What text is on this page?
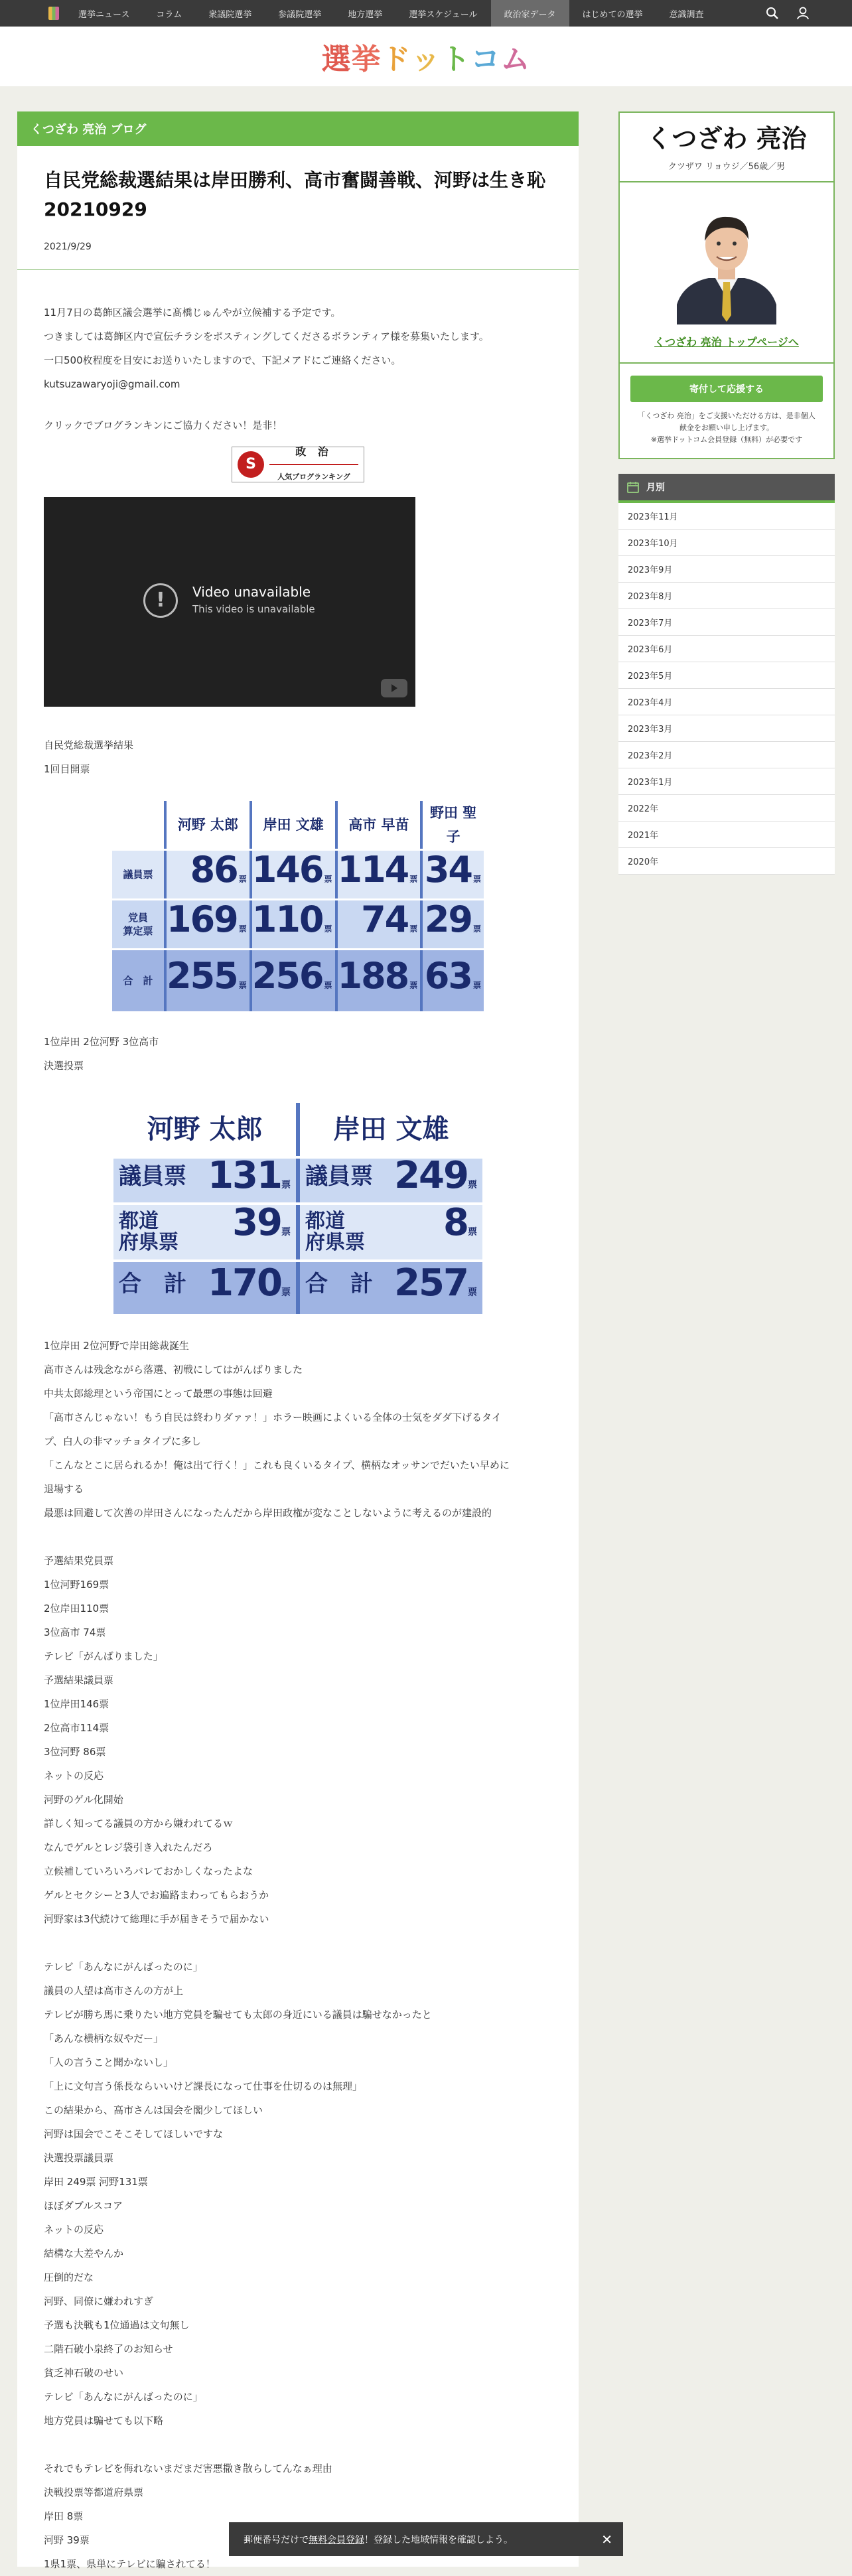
選挙ニュース	コラム	衆議院選挙	参議院選挙	地方選挙	選挙スケジュール	政治家データ	はじめての選挙	意識調査
選 挙 ド ッ ト コ ム
くつざわ 亮治 ブログ
自民党総裁選結果は岸田勝利、高市奮闘善戦、河野は生き恥20210929
2021/9/29

11月7日の葛飾区議会選挙に髙橋じゅんやが立候補する予定です。

つきましては葛飾区内で宣伝チラシをポスティングしてくださるボランティア様を募集いたします。

一口500枚程度を目安にお送りいたしますので、下記メアドにご連絡ください。

kutsuzawaryoji@gmail.com

クリックでブログランキンにご協力ください！是非！

S
政 治
人気ブログランキング
!	Video unavailable
This video is unavailable

自民党総裁選挙結果

1回目開票

	河野 太郎	岸田 文雄	高市 早苗	野田 聖子

議員票	86 票	146 票	114 票	34 票

党員
算定票	169 票	110 票	74 票	29 票

合　計	255 票	256 票	188 票	63 票

1位岸田 2位河野 3位高市

決選投票

河野 太郎	岸田 文雄

議員票 131票	議員票 249票

都道
府県票 39票	都道
府県票 8票

合　計 170票	合　計 257票

1位岸田 2位河野で岸田総裁誕生

高市さんは残念ながら落選、初戦にしてはがんばりました

中共太郎総理という帝国にとって最悪の事態は回避

「高市さんじゃない！もう自民は終わりダァァ！」ホラー映画によくいる全体の士気をダダ下げるタイ

プ、白人の非マッチョタイプに多し

「こんなとこに居られるか！俺は出て行く！」これも良くいるタイプ、横柄なオッサンでだいたい早めに

退場する

最悪は回避して次善の岸田さんになったんだから岸田政権が変なことしないように考えるのが建設的

予選結果党員票

1位河野169票

2位岸田110票

3位高市 74票

テレビ「がんばりました」

予選結果議員票

1位岸田146票

2位高市114票

3位河野 86票

ネットの反応

河野のゲル化開始

詳しく知ってる議員の方から嫌われてるｗ

なんでゲルとレジ袋引き入れたんだろ

立候補していろいろバレておかしくなったよな

ゲルとセクシーと3人でお遍路まわってもらおうか

河野家は3代続けて総理に手が届きそうで届かない

テレビ「あんなにがんばったのに」

議員の人望は高市さんの方が上

テレビが勝ち馬に乗りたい地方党員を騙せても太郎の身近にいる議員は騙せなかったと

「あんな横柄な奴やだー」

「人の言うこと聞かないし」

「上に文句言う係長ならいいけど課長になって仕事を仕切るのは無理」

この結果から、高市さんは国会を閣少してほしい

河野は国会でこそこそしてほしいですな

決選投票議員票

岸田 249票 河野131票

ほぼダブルスコア

ネットの反応

結構な大差やんか

圧倒的だな

河野、同僚に嫌われすぎ

予選も決戦も1位通過は文句無し

二階石破小泉終了のお知らせ

貧乏神石破のせい

テレビ「あんなにがんばったのに」

地方党員は騙せても以下略

それでもテレビを侮れないまだまだ害悪撒き散らしてんなぁ理由

決戦投票等都道府県票

岸田 8票

河野 39票

1県1票、県単にテレビに騙されてる！

くつざわ 亮治
クツザワ リョウジ／56歳／男
くつざわ 亮治 トップページへ
寄付して応援する
「くつざわ 亮治」をご支援いただける方は、是非個人
献金をお願い申し上げます。
※選挙ドットコム会員登録（無料）が必要です
月別
2023年11月
2023年10月
2023年9月
2023年8月
2023年7月
2023年6月
2023年5月
2023年4月
2023年3月
2023年2月
2023年1月
2022年
2021年
2020年
郵便番号だけで 無料会員登録 ！登録した地域情報を確認しよう。	✕
